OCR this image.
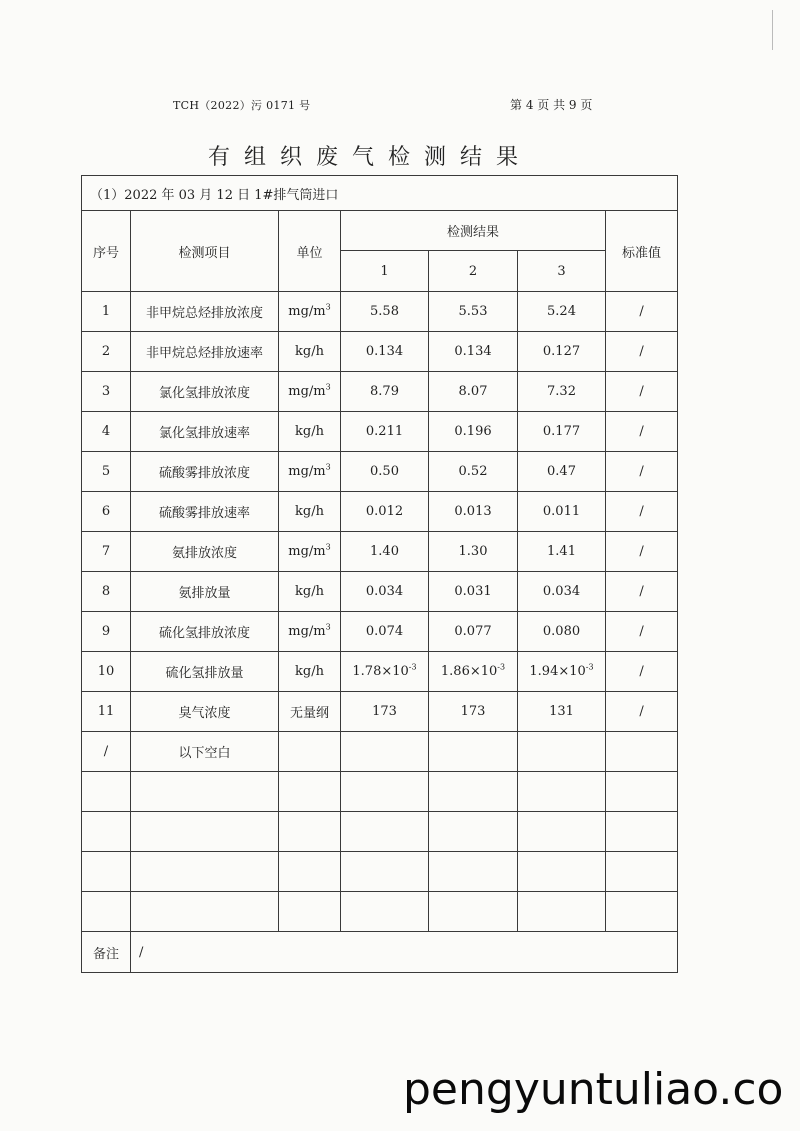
TCH（2022）污 0171 号	第 4 页 共 9 页
有组织废气检测结果
（1）2022 年 03 月 12 日 1#排气筒进口						
序号	检测项目	单位	检测结果			标准值
			1	2	3	
1	非甲烷总烃排放浓度	$mg/m^3$	5.58	5.53	5.24	/
2	非甲烷总烃排放速率	kg/h	0.134	0.134	0.127	/
3	氯化氢排放浓度	$mg/m^3$	8.79	8.07	7.32	/
4	氯化氢排放速率	kg/h	0.211	0.196	0.177	/
5	硫酸雾排放浓度	$mg/m^3$	0.50	0.52	0.47	/
6	硫酸雾排放速率	kg/h	0.012	0.013	0.011	/
7	氨排放浓度	$mg/m^3$	1.40	1.30	1.41	/
8	氨排放量	kg/h	0.034	0.031	0.034	/
9	硫化氢排放浓度	$mg/m^3$	0.074	0.077	0.080	/
10	硫化氢排放量	kg/h	$1.78\times 10^{-3}$	$1.86\times 10^{-3}$	$1.94\times 10^{-3}$	/
11	臭气浓度	无量纲	173	173	131	/
/	以下空白					

备注	/					
pengyuntuliao.co
